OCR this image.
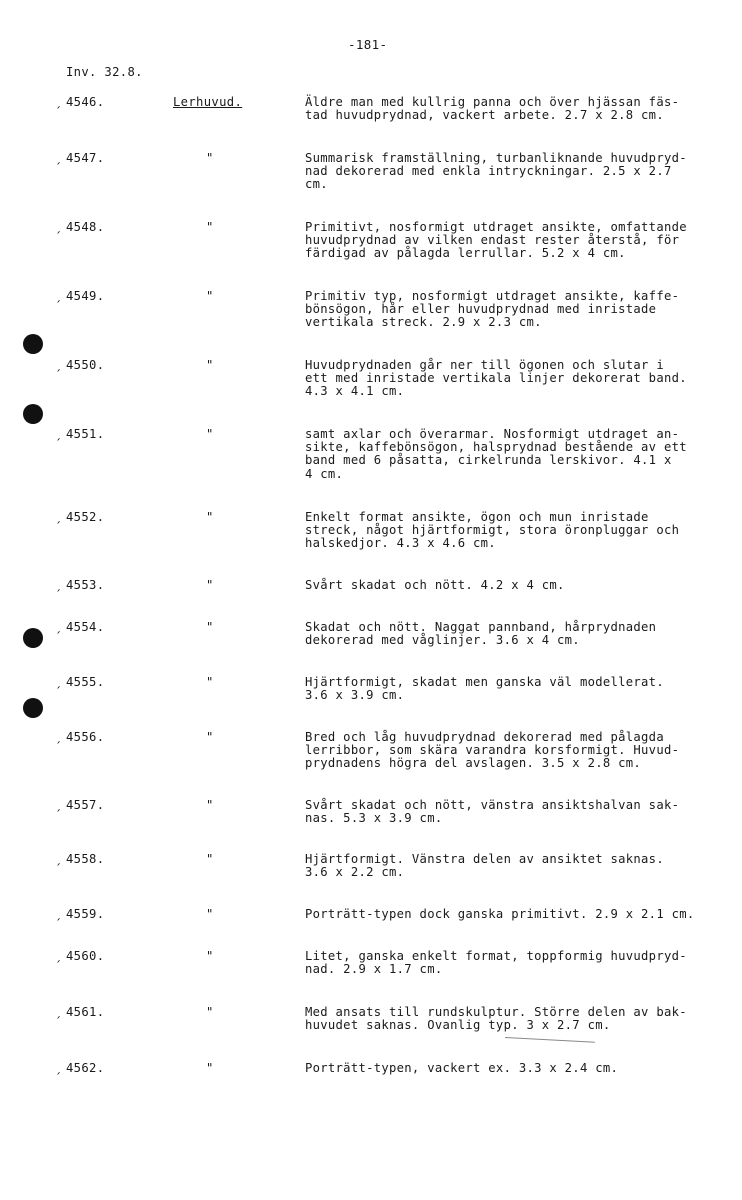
-181-
Inv. 32.8.
ˏ 4546.	Lerhuvud.	Äldre man med kullrig panna och över hjässan fäs-
tad huvudprydnad, vackert arbete. 2.7 x 2.8 cm.
ˏ 4547.	"	Summarisk framställning, turbanliknande huvudpryd-
nad dekorerad med enkla intryckningar. 2.5 x 2.7
cm.
ˏ 4548.	"	Primitivt, nosformigt utdraget ansikte, omfattande
huvudprydnad av vilken endast rester återstå, för
färdigad av pålagda lerrullar. 5.2 x 4 cm.
ˏ 4549.	"	Primitiv typ, nosformigt utdraget ansikte, kaffe-
bönsögon, hår eller huvudprydnad med inristade
vertikala streck. 2.9 x 2.3 cm.
ˏ 4550.	"	Huvudprydnaden går ner till ögonen och slutar i
ett med inristade vertikala linjer dekorerat band.
4.3 x 4.1 cm.
ˏ 4551.	"	samt axlar och överarmar. Nosformigt utdraget an-
sikte, kaffebönsögon, halsprydnad bestående av ett
band med 6 påsatta, cirkelrunda lerskivor. 4.1 x
4 cm.
ˏ 4552.	"	Enkelt format ansikte, ögon och mun inristade
streck, något hjärtformigt, stora öronpluggar och
halskedjor. 4.3 x 4.6 cm.
ˏ 4553.	"	Svårt skadat och nött. 4.2 x 4 cm.
ˏ 4554.	"	Skadat och nött. Naggat pannband, hårprydnaden
dekorerad med våglinjer. 3.6 x 4 cm.
ˏ 4555.	"	Hjärtformigt, skadat men ganska väl modellerat.
3.6 x 3.9 cm.
ˏ 4556.	"	Bred och låg huvudprydnad dekorerad med pålagda
lerribbor, som skära varandra korsformigt. Huvud-
prydnadens högra del avslagen. 3.5 x 2.8 cm.
ˏ 4557.	"	Svårt skadat och nött, vänstra ansiktshalvan sak-
nas. 5.3 x 3.9 cm.
ˏ 4558.	"	Hjärtformigt. Vänstra delen av ansiktet saknas.
3.6 x 2.2 cm.
ˏ 4559.	"	Porträtt-typen dock ganska primitivt. 2.9 x 2.1 cm.
ˏ 4560.	"	Litet, ganska enkelt format, toppformig huvudpryd-
nad. 2.9 x 1.7 cm.
ˏ 4561.	"	Med ansats till rundskulptur. Större delen av bak-
huvudet saknas. Ovanlig typ. 3 x 2.7 cm.
ˏ 4562.	"	Porträtt-typen, vackert ex. 3.3 x 2.4 cm.
